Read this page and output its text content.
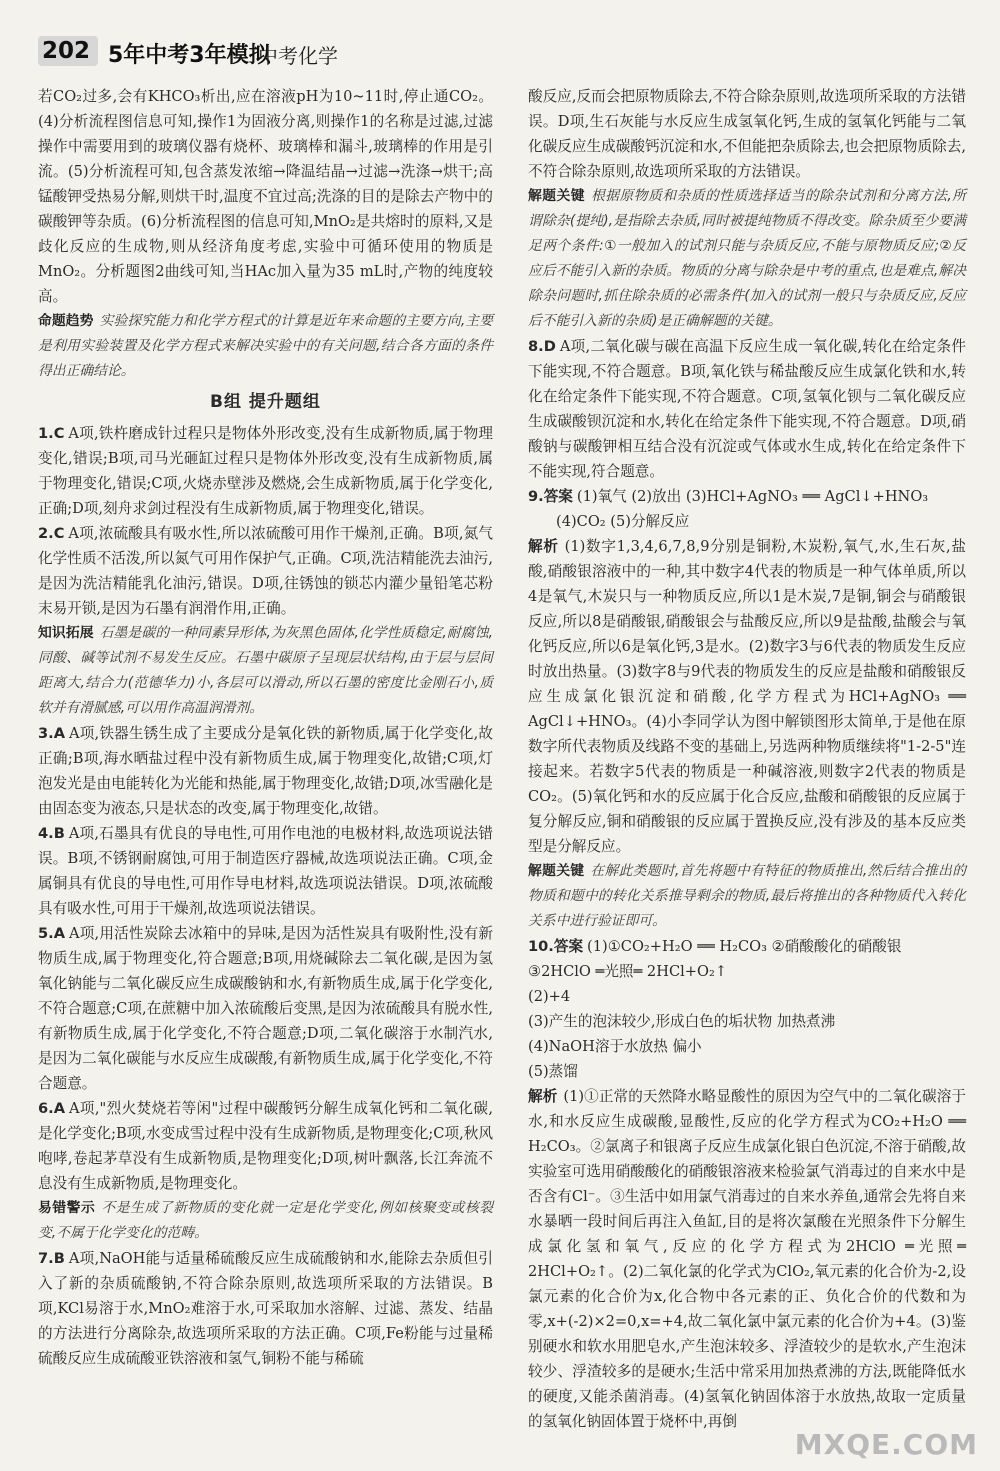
202 5年中考3年模拟
中考化学

若CO₂过多,会有KHCO₃析出,应在溶液pH为10~11时,停止通CO₂。(4)分析流程图信息可知,操作1为固液分离,则操作1的名称是过滤,过滤操作中需要用到的玻璃仪器有烧杯、玻璃棒和漏斗,玻璃棒的作用是引流。(5)分析流程可知,包含蒸发浓缩→降温结晶→过滤→洗涤→烘干;高锰酸钾受热易分解,则烘干时,温度不宜过高;洗涤的目的是除去产物中的碳酸钾等杂质。(6)分析流程图的信息可知,MnO₂是共熔时的原料,又是歧化反应的生成物,则从经济角度考虑,实验中可循环使用的物质是MnO₂。分析题图2曲线可知,当HAc加入量为35 mL时,产物的纯度较高。

命题趋势 实验探究能力和化学方程式的计算是近年来命题的主要方向,主要是利用实验装置及化学方程式来解决实验中的有关问题,结合各方面的条件得出正确结论。

B组 提升题组

1.C A项,铁杵磨成针过程只是物体外形改变,没有生成新物质,属于物理变化,错误;B项,司马光砸缸过程只是物体外形改变,没有生成新物质,属于物理变化,错误;C项,火烧赤壁涉及燃烧,会生成新物质,属于化学变化,正确;D项,刻舟求剑过程没有生成新物质,属于物理变化,错误。

2.C A项,浓硫酸具有吸水性,所以浓硫酸可用作干燥剂,正确。B项,氮气化学性质不活泼,所以氮气可用作保护气,正确。C项,洗洁精能洗去油污,是因为洗洁精能乳化油污,错误。D项,往锈蚀的锁芯内灌少量铅笔芯粉末易开锁,是因为石墨有润滑作用,正确。

知识拓展 石墨是碳的一种同素异形体,为灰黑色固体,化学性质稳定,耐腐蚀,同酸、碱等试剂不易发生反应。石墨中碳原子呈现层状结构,由于层与层间距离大,结合力(范德华力)小,各层可以滑动,所以石墨的密度比金刚石小,质软并有滑腻感,可以用作高温润滑剂。

3.A A项,铁器生锈生成了主要成分是氧化铁的新物质,属于化学变化,故正确;B项,海水晒盐过程中没有新物质生成,属于物理变化,故错;C项,灯泡发光是由电能转化为光能和热能,属于物理变化,故错;D项,冰雪融化是由固态变为液态,只是状态的改变,属于物理变化,故错。

4.B A项,石墨具有优良的导电性,可用作电池的电极材料,故选项说法错误。B项,不锈钢耐腐蚀,可用于制造医疗器械,故选项说法正确。C项,金属铜具有优良的导电性,可用作导电材料,故选项说法错误。D项,浓硫酸具有吸水性,可用于干燥剂,故选项说法错误。

5.A A项,用活性炭除去冰箱中的异味,是因为活性炭具有吸附性,没有新物质生成,属于物理变化,符合题意;B项,用烧碱除去二氧化碳,是因为氢氧化钠能与二氧化碳反应生成碳酸钠和水,有新物质生成,属于化学变化,不符合题意;C项,在蔗糖中加入浓硫酸后变黑,是因为浓硫酸具有脱水性,有新物质生成,属于化学变化,不符合题意;D项,二氧化碳溶于水制汽水,是因为二氧化碳能与水反应生成碳酸,有新物质生成,属于化学变化,不符合题意。

6.A A项,"烈火焚烧若等闲"过程中碳酸钙分解生成氧化钙和二氧化碳,是化学变化;B项,水变成雪过程中没有生成新物质,是物理变化;C项,秋风咆哮,卷起茅草没有生成新物质,是物理变化;D项,树叶飘落,长江奔流不息没有生成新物质,是物理变化。

易错警示 不是生成了新物质的变化就一定是化学变化,例如核聚变或核裂变,不属于化学变化的范畴。

7.B A项,NaOH能与适量稀硫酸反应生成硫酸钠和水,能除去杂质但引入了新的杂质硫酸钠,不符合除杂原则,故选项所采取的方法错误。B项,KCl易溶于水,MnO₂难溶于水,可采取加水溶解、过滤、蒸发、结晶的方法进行分离除杂,故选项所采取的方法正确。C项,Fe粉能与过量稀硫酸反应生成硫酸亚铁溶液和氢气,铜粉不能与稀硫

酸反应,反而会把原物质除去,不符合除杂原则,故选项所采取的方法错误。D项,生石灰能与水反应生成氢氧化钙,生成的氢氧化钙能与二氧化碳反应生成碳酸钙沉淀和水,不但能把杂质除去,也会把原物质除去,不符合除杂原则,故选项所采取的方法错误。

解题关键 根据原物质和杂质的性质选择适当的除杂试剂和分离方法,所谓除杂(提纯),是指除去杂质,同时被提纯物质不得改变。除杂质至少要满足两个条件:①一般加入的试剂只能与杂质反应,不能与原物质反应;②反应后不能引入新的杂质。物质的分离与除杂是中考的重点,也是难点,解决除杂问题时,抓住除杂质的必需条件(加入的试剂一般只与杂质反应,反应后不能引入新的杂质)是正确解题的关键。

8.D A项,二氧化碳与碳在高温下反应生成一氧化碳,转化在给定条件下能实现,不符合题意。B项,氧化铁与稀盐酸反应生成氯化铁和水,转化在给定条件下能实现,不符合题意。C项,氢氧化钡与二氧化碳反应生成碳酸钡沉淀和水,转化在给定条件下能实现,不符合题意。D项,硝酸钠与碳酸钾相互结合没有沉淀或气体或水生成,转化在给定条件下不能实现,符合题意。

9.答案 (1)氧气 (2)放出 (3)HCl+AgNO₃ ══ AgCl↓+HNO₃

(4)CO₂ (5)分解反应

解析 (1)数字1,3,4,6,7,8,9分别是铜粉,木炭粉,氧气,水,生石灰,盐酸,硝酸银溶液中的一种,其中数字4代表的物质是一种气体单质,所以4是氧气,木炭只与一种物质反应,所以1是木炭,7是铜,铜会与硝酸银反应,所以8是硝酸银,硝酸银会与盐酸反应,所以9是盐酸,盐酸会与氧化钙反应,所以6是氧化钙,3是水。(2)数字3与6代表的物质发生反应时放出热量。(3)数字8与9代表的物质发生的反应是盐酸和硝酸银反应生成氯化银沉淀和硝酸,化学方程式为HCl+AgNO₃ ══ AgCl↓+HNO₃。(4)小李同学认为图中解锁图形太简单,于是他在原数字所代表物质及线路不变的基础上,另选两种物质继续将"1-2-5"连接起来。若数字5代表的物质是一种碱溶液,则数字2代表的物质是CO₂。(5)氧化钙和水的反应属于化合反应,盐酸和硝酸银的反应属于复分解反应,铜和硝酸银的反应属于置换反应,没有涉及的基本反应类型是分解反应。

解题关键 在解此类题时,首先将题中有特征的物质推出,然后结合推出的物质和题中的转化关系推导剩余的物质,最后将推出的各种物质代入转化关系中进行验证即可。

10.答案 (1)①CO₂+H₂O ══ H₂CO₃ ②硝酸酸化的硝酸银

③2HClO ═光照═ 2HCl+O₂↑

(2)+4

(3)产生的泡沫较少,形成白色的垢状物 加热煮沸

(4)NaOH溶于水放热 偏小

(5)蒸馏

解析 (1)①正常的天然降水略显酸性的原因为空气中的二氧化碳溶于水,和水反应生成碳酸,显酸性,反应的化学方程式为CO₂+H₂O ══ H₂CO₃。②氯离子和银离子反应生成氯化银白色沉淀,不溶于硝酸,故实验室可选用硝酸酸化的硝酸银溶液来检验氯气消毒过的自来水中是否含有Cl⁻。③生活中如用氯气消毒过的自来水养鱼,通常会先将自来水暴晒一段时间后再注入鱼缸,目的是将次氯酸在光照条件下分解生成氯化氢和氧气,反应的化学方程式为2HClO ═光照═ 2HCl+O₂↑。(2)二氧化氯的化学式为ClO₂,氧元素的化合价为-2,设氯元素的化合价为x,化合物中各元素的正、负化合价的代数和为零,x+(-2)×2=0,x=+4,故二氧化氯中氯元素的化合价为+4。(3)鉴别硬水和软水用肥皂水,产生泡沫较多、浮渣较少的是软水,产生泡沫较少、浮渣较多的是硬水;生活中常采用加热煮沸的方法,既能降低水的硬度,又能杀菌消毒。(4)氢氧化钠固体溶于水放热,故取一定质量的氢氧化钠固体置于烧杯中,再倒

MXQE.COM
